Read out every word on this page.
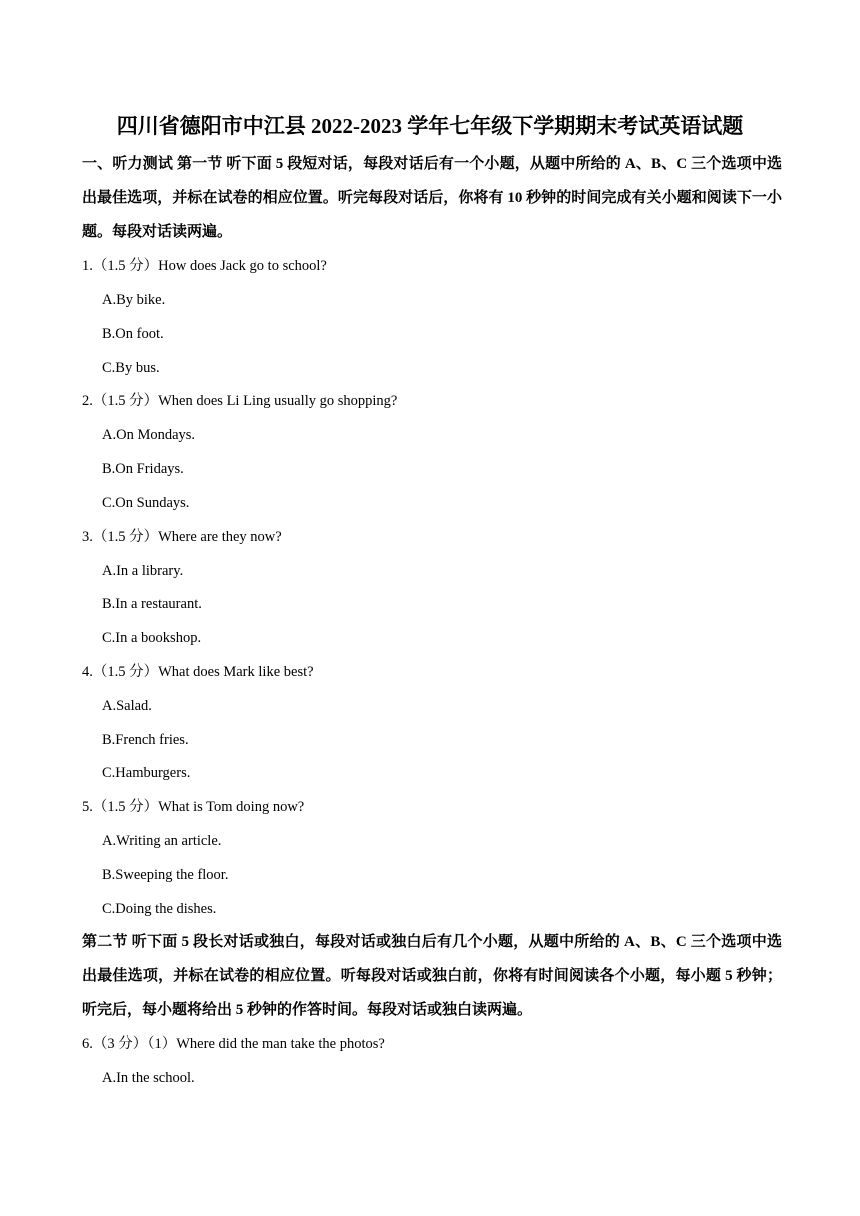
四川省德阳市中江县 2022-2023 学年七年级下学期期末考试英语试题

一、听力测试 第一节 听下面 5 段短对话，每段对话后有一个小题，从题中所给的 A、B、C 三个选项中选出最佳选项，并标在试卷的相应位置。听完每段对话后，你将有 10 秒钟的时间完成有关小题和阅读下一小题。每段对话读两遍。

1.（1.5 分）How does Jack go to school?
A.By bike.
B.On foot.
C.By bus.
2.（1.5 分）When does Li Ling usually go shopping?
A.On Mondays.
B.On Fridays.
C.On Sundays.
3.（1.5 分）Where are they now?
A.In a library.
B.In a restaurant.
C.In a bookshop.
4.（1.5 分）What does Mark like best?
A.Salad.
B.French fries.
C.Hamburgers.
5.（1.5 分）What is Tom doing now?
A.Writing an article.
B.Sweeping the floor.
C.Doing the dishes.

第二节 听下面 5 段长对话或独白，每段对话或独白后有几个小题，从题中所给的 A、B、C 三个选项中选出最佳选项，并标在试卷的相应位置。听每段对话或独白前，你将有时间阅读各个小题，每小题 5 秒钟；听完后，每小题将给出 5 秒钟的作答时间。每段对话或独白读两遍。

6.（3 分）（1）Where did the man take the photos?
A.In the school.
